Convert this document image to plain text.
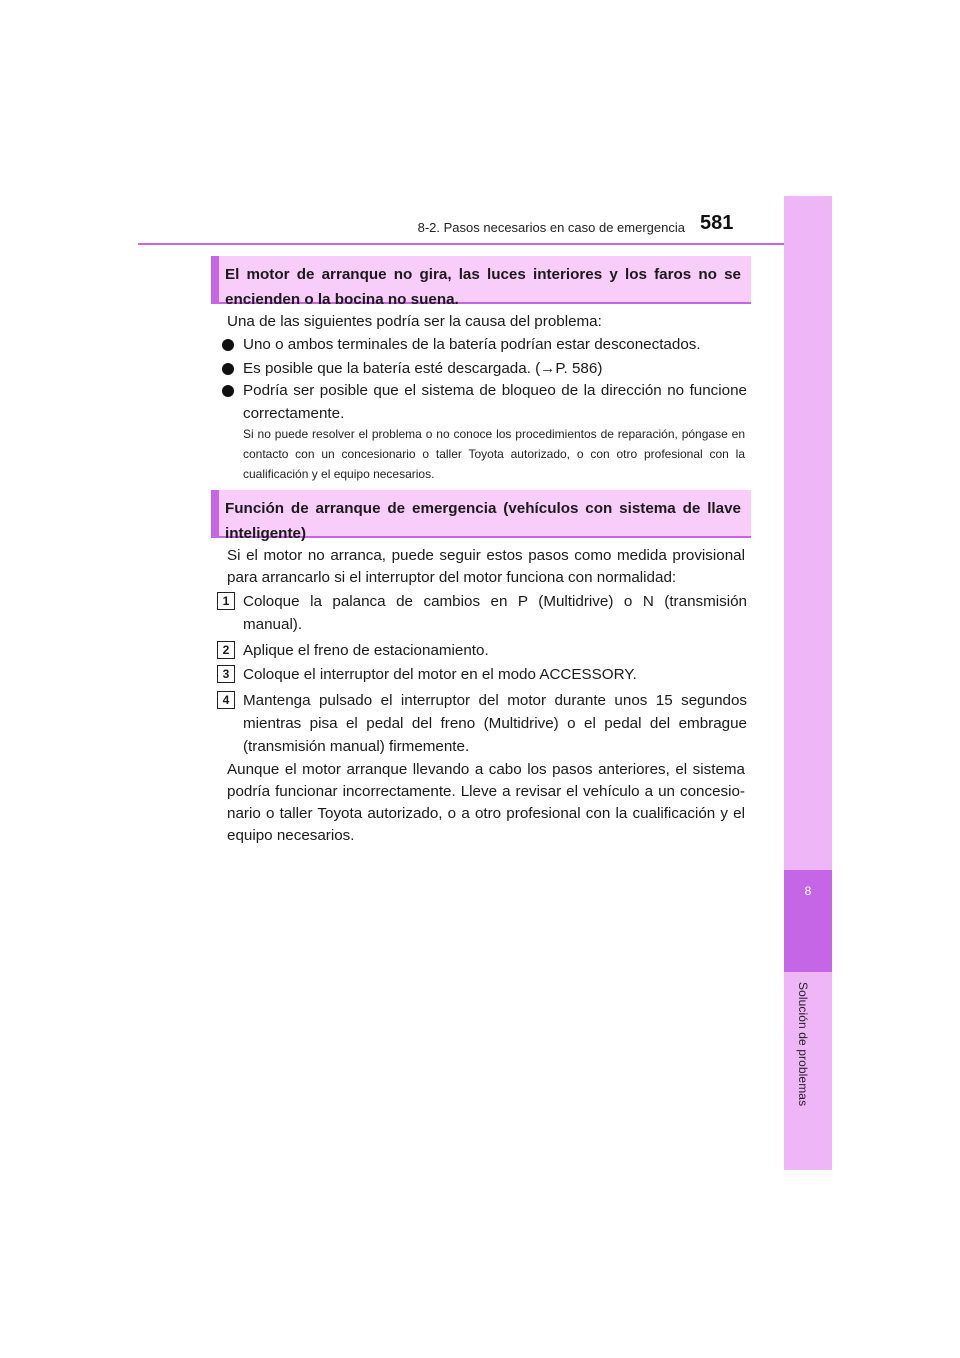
8-2. Pasos necesarios en caso de emergencia 581
8
Solución de problemas
El motor de arranque no gira, las luces interiores y los faros no se encienden o la bocina no suena.
Una de las siguientes podría ser la causa del problema:
Uno o ambos terminales de la batería podrían estar desconectados.
Es posible que la batería esté descargada. (→P. 586)
Podría ser posible que el sistema de bloqueo de la dirección no funcione correctamente.
Si no puede resolver el problema o no conoce los procedimientos de reparación, póngase en contacto con un concesionario o taller Toyota autorizado, o con otro profesional con la cualificación y el equipo necesarios.
Función de arranque de emergencia (vehículos con sistema de llave inteligente)
Si el motor no arranca, puede seguir estos pasos como medida provisional para arrancarlo si el interruptor del motor funciona con normalidad:
1 Coloque la palanca de cambios en P (Multidrive) o N (transmisión manual).
2 Aplique el freno de estacionamiento.
3 Coloque el interruptor del motor en el modo ACCESSORY.
4 Mantenga pulsado el interruptor del motor durante unos 15 segundos mientras pisa el pedal del freno (Multidrive) o el pedal del embrague (transmisión manual) firmemente.
Aunque el motor arranque llevando a cabo los pasos anteriores, el sistema podría funcionar incorrectamente. Lleve a revisar el vehículo a un concesio-nario o taller Toyota autorizado, o a otro profesional con la cualificación y el equipo necesarios.
